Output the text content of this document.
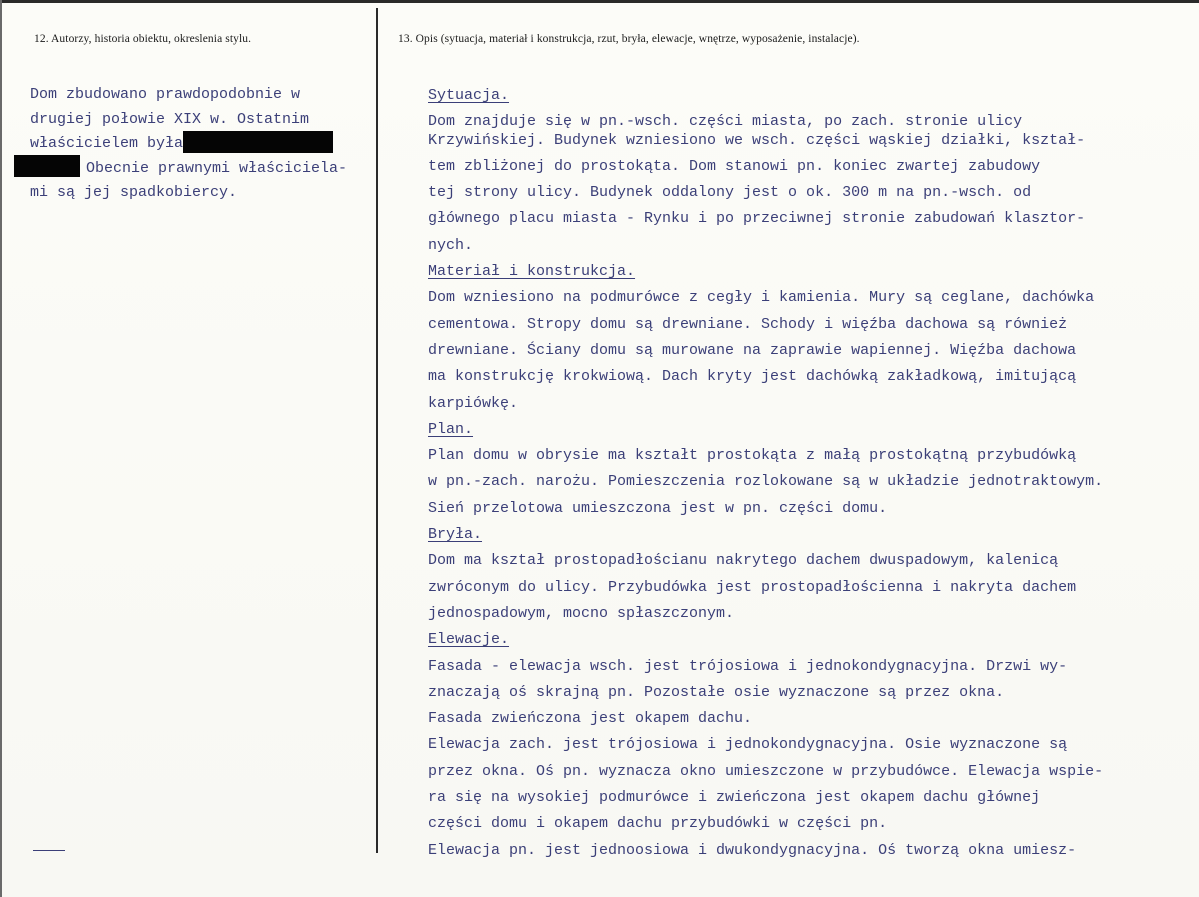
12. Autorzy, historia obiektu, okreslenia stylu.	13. Opis (sytuacja, materiał i konstrukcja, rzut, bryła, elewacje, wnętrze, wyposażenie, instalacje).
Dom zbudowano prawdopodobnie w
drugiej połowie XIX w. Ostatnim
właścicielem była
Obecnie prawnymi właściciela-
mi są jej spadkobiercy.
Sytuacja.
Dom znajduje się w pn.-wsch. części miasta, po zach. stronie ulicy
Krzywińskiej. Budynek wzniesiono we wsch. części wąskiej działki, kształ-
tem zbliżonej do prostokąta. Dom stanowi pn. koniec zwartej zabudowy
tej strony ulicy. Budynek oddalony jest o ok. 300 m na pn.-wsch. od
głównego placu miasta - Rynku i po przeciwnej stronie zabudowań klasztor-
nych.
Materiał i konstrukcja.
Dom wzniesiono na podmurówce z cegły i kamienia. Mury są ceglane, dachówka
cementowa. Stropy domu są drewniane. Schody i więźba dachowa są również
drewniane. Ściany domu są murowane na zaprawie wapiennej. Więźba dachowa
ma konstrukcję krokwiową. Dach kryty jest dachówką zakładkową, imitującą
karpiówkę.
Plan.
Plan domu w obrysie ma kształt prostokąta z małą prostokątną przybudówką
w pn.-zach. narożu. Pomieszczenia rozlokowane są w układzie jednotraktowym.
Sień przelotowa umieszczona jest w pn. części domu.
Bryła.
Dom ma kształ prostopadłościanu nakrytego dachem dwuspadowym, kalenicą
zwróconym do ulicy. Przybudówka jest prostopadłościenna i nakryta dachem
jednospadowym, mocno spłaszczonym.
Elewacje.
Fasada - elewacja wsch. jest trójosiowa i jednokondygnacyjna. Drzwi wy-
znaczają oś skrajną pn. Pozostałe osie wyznaczone są przez okna.
Fasada zwieńczona jest okapem dachu.
Elewacja zach. jest trójosiowa i jednokondygnacyjna. Osie wyznaczone są
przez okna. Oś pn. wyznacza okno umieszczone w przybudówce. Elewacja wspie-
ra się na wysokiej podmurówce i zwieńczona jest okapem dachu głównej
części domu i okapem dachu przybudówki w części pn.
Elewacja pn. jest jednoosiowa i dwukondygnacyjna. Oś tworzą okna umiesz-
